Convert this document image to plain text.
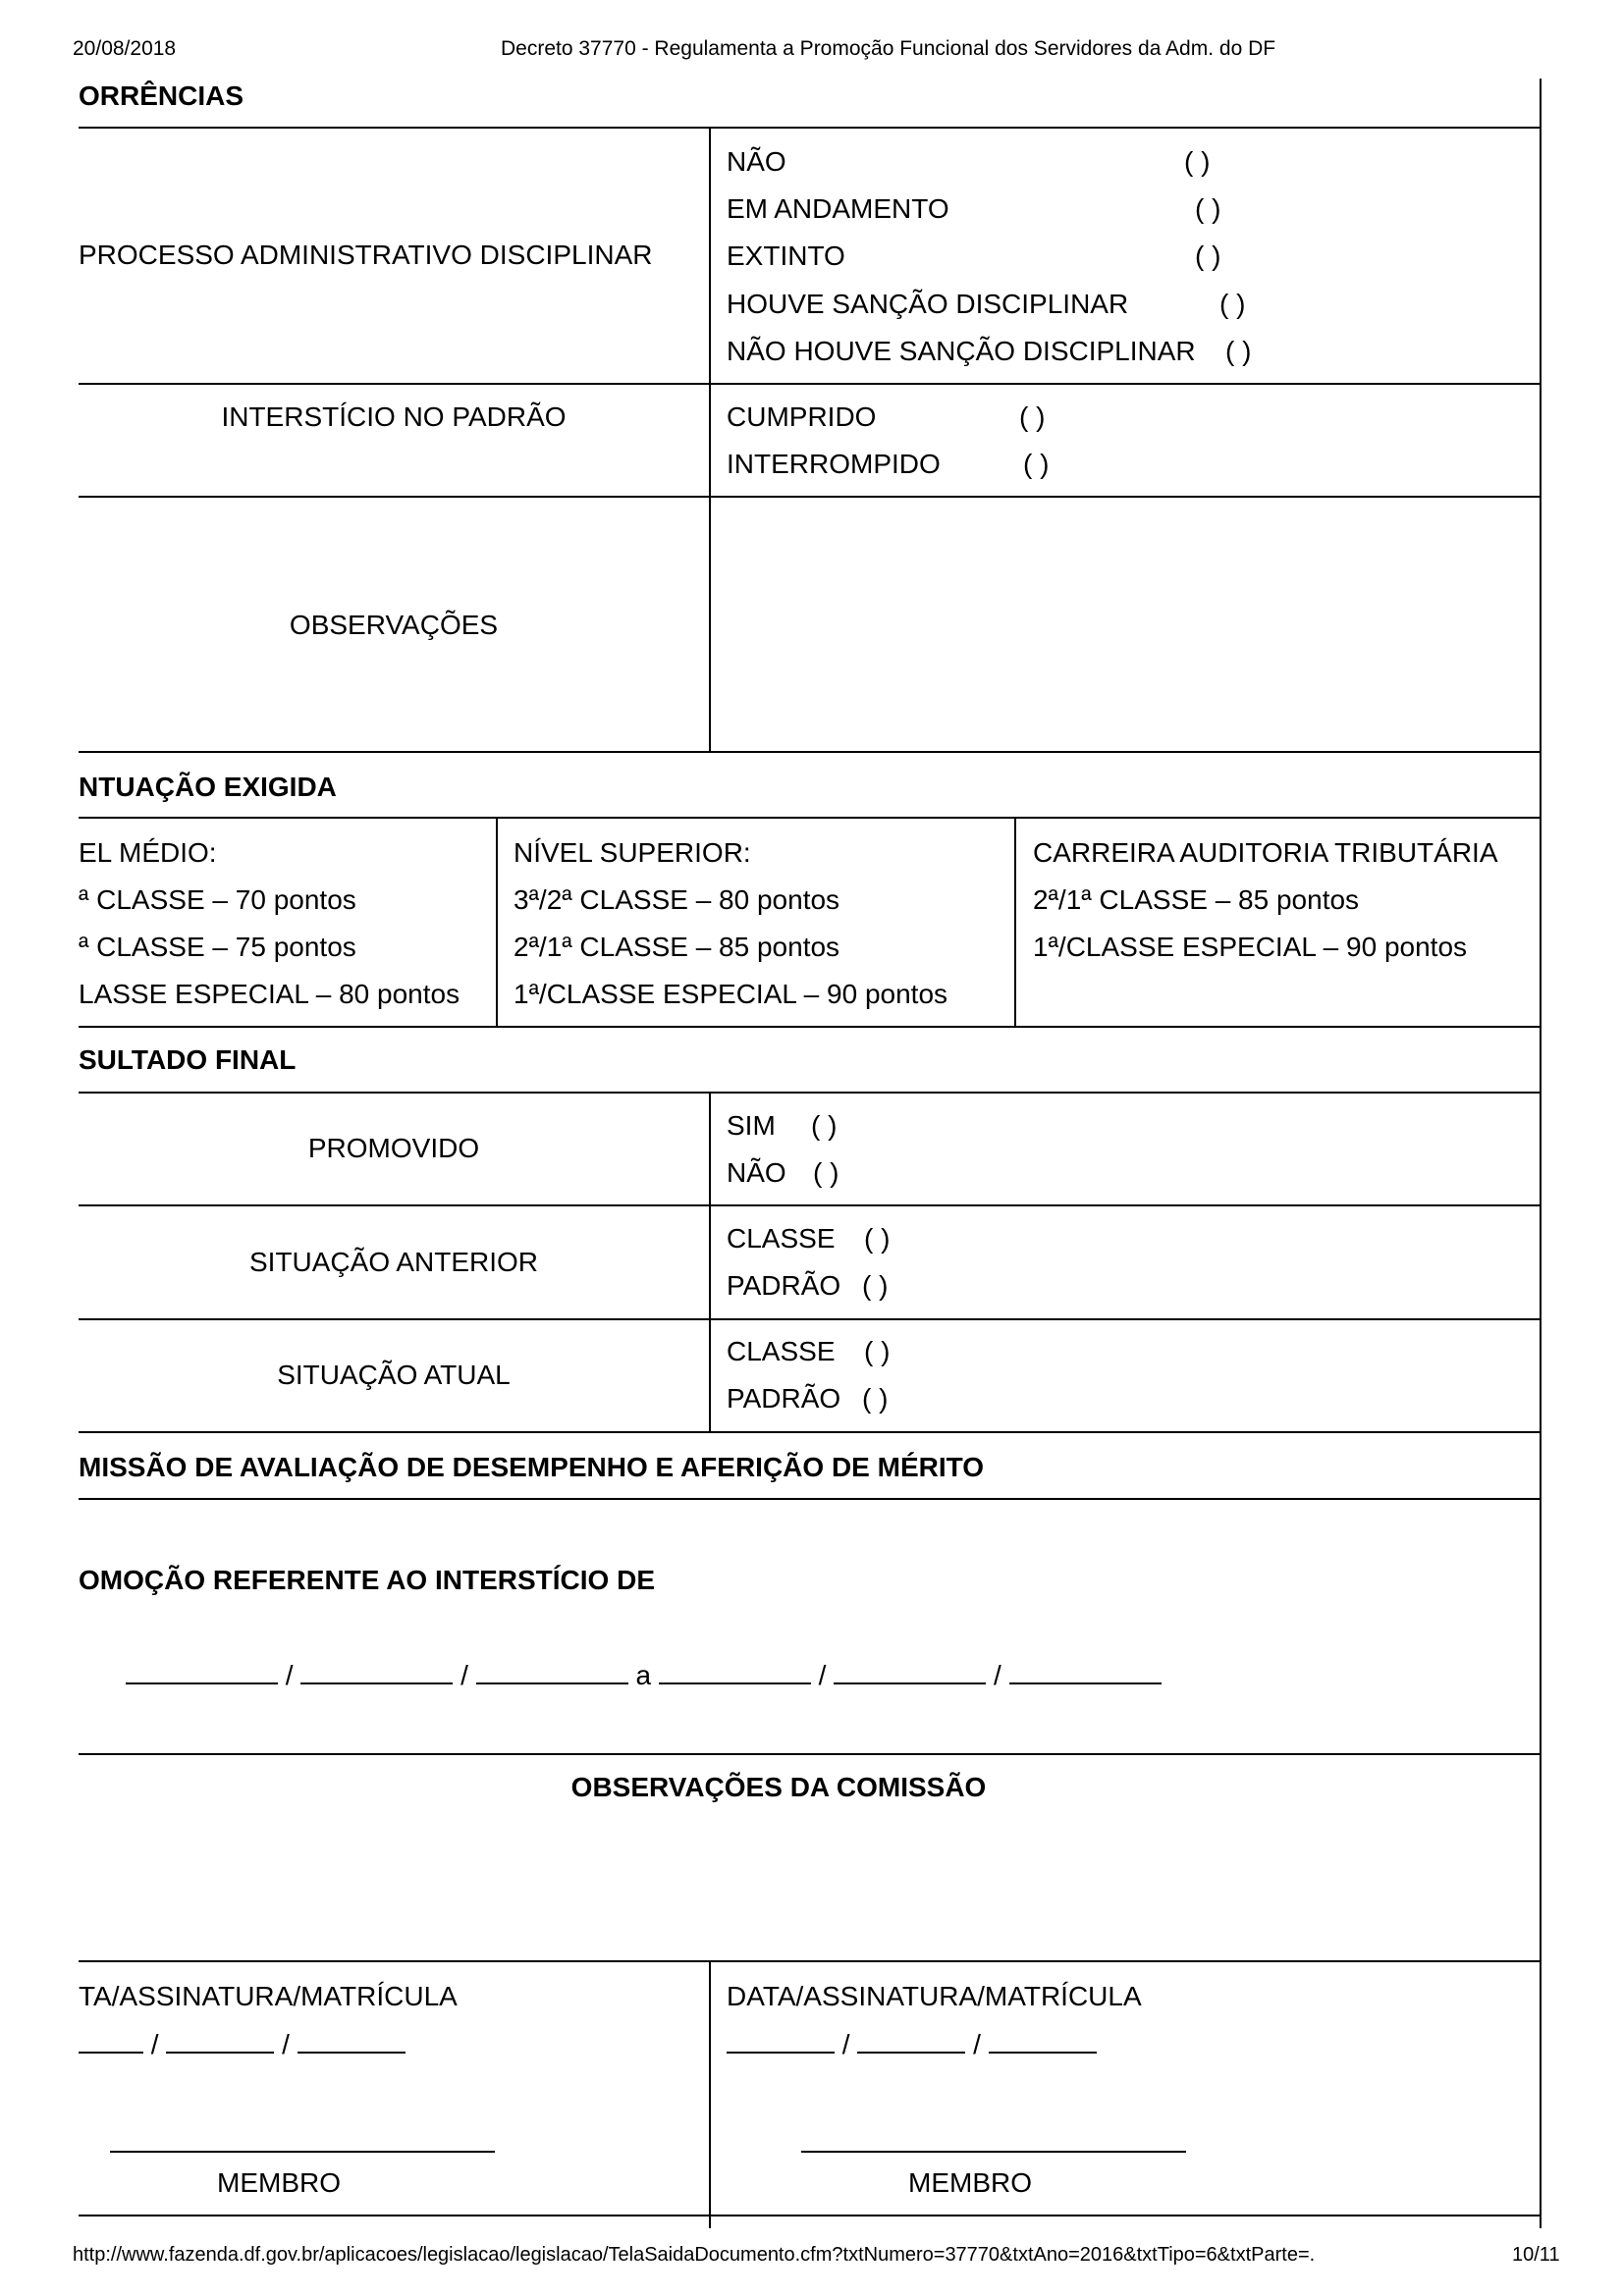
20/08/2018	Decreto 37770 - Regulamenta a Promoção Funcional dos Servidores da Adm. do DF
ORRÊNCIAS
PROCESSO ADMINISTRATIVO DISCIPLINAR
NÃO	( )
EM ANDAMENTO	( )
EXTINTO	( )
HOUVE SANÇÃO DISCIPLINAR	( )
NÃO HOUVE SANÇÃO DISCIPLINAR ( )
INTERSTÍCIO NO PADRÃO	CUMPRIDO	( )
INTERROMPIDO	( )
OBSERVAÇÕES
NTUAÇÃO EXIGIDA
EL MÉDIO:
ª CLASSE – 70 pontos
ª CLASSE – 75 pontos
LASSE ESPECIAL – 80 pontos
NÍVEL SUPERIOR:
3ª/2ª CLASSE – 80 pontos
2ª/1ª CLASSE – 85 pontos
1ª/CLASSE ESPECIAL – 90 pontos
CARREIRA AUDITORIA TRIBUTÁRIA
2ª/1ª CLASSE – 85 pontos
1ª/CLASSE ESPECIAL – 90 pontos
SULTADO FINAL
PROMOVIDO
SIM ( )
NÃO ( )
SITUAÇÃO ANTERIOR
CLASSE ( )
PADRÃO ( )
SITUAÇÃO ATUAL
CLASSE ( )
PADRÃO ( )
MISSÃO DE AVALIAÇÃO DE DESEMPENHO E AFERIÇÃO DE MÉRITO
OMOÇÃO REFERENTE AO INTERSTÍCIO DE
/	/	a	/	/
OBSERVAÇÕES DA COMISSÃO
TA/ASSINATURA/MATRÍCULA
/	/
MEMBRO
DATA/ASSINATURA/MATRÍCULA
/	/
MEMBRO
http://www.fazenda.df.gov.br/aplicacoes/legislacao/legislacao/TelaSaidaDocumento.cfm?txtNumero=37770&txtAno=2016&txtTipo=6&txtParte=.	10/11
